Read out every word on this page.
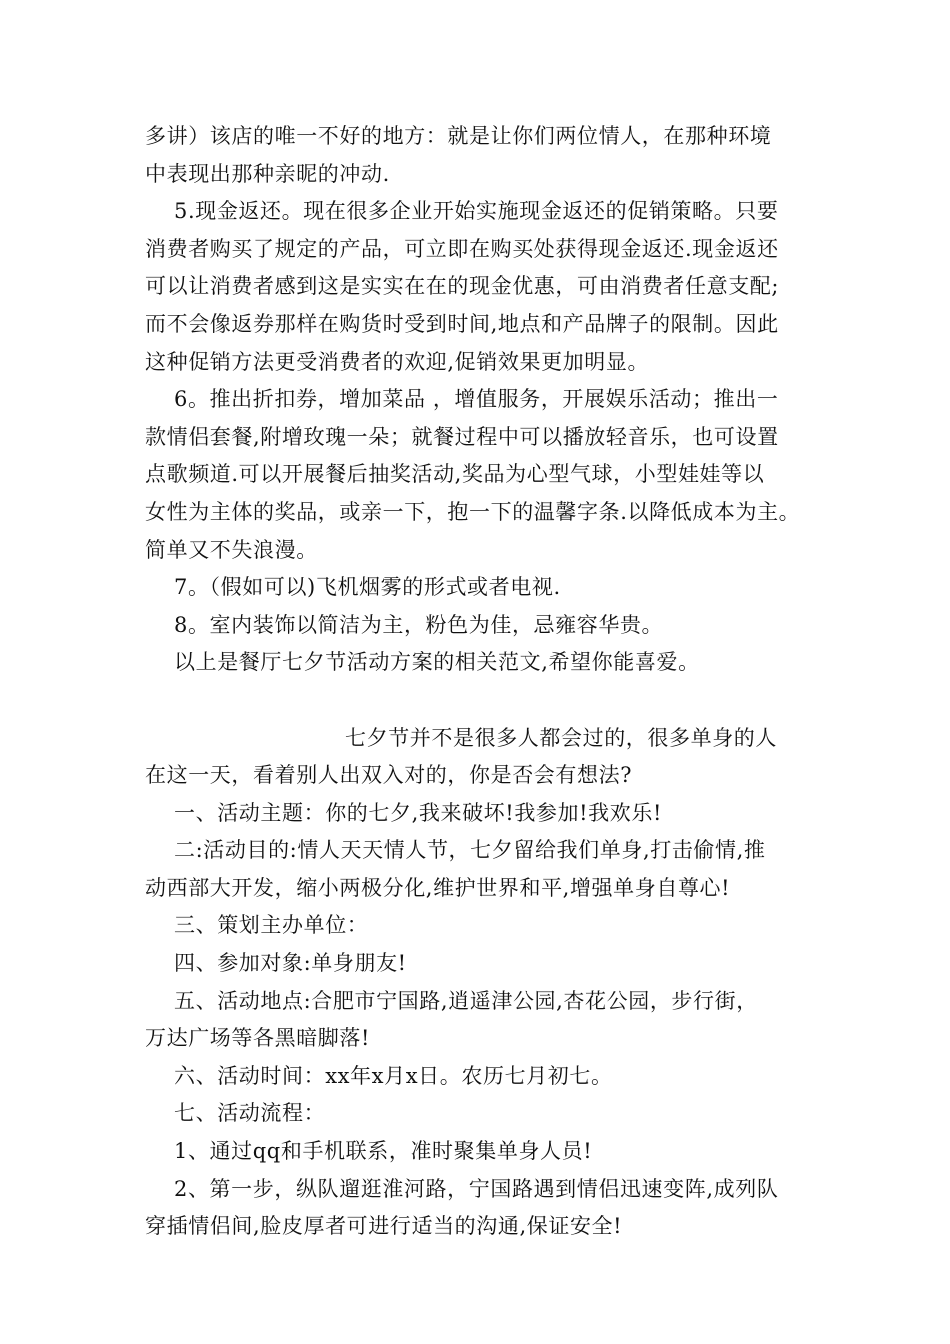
多讲）该店的唯一不好的地方：就是让你们两位情人，在那种环境
中表现出那种亲昵的冲动.
5.现金返还。现在很多企业开始实施现金返还的促销策略。只要
消费者购买了规定的产品，可立即在购买处获得现金返还.现金返还
可以让消费者感到这是实实在在的现金优惠，可由消费者任意支配;
而不会像返券那样在购货时受到时间,地点和产品牌子的限制。因此
这种促销方法更受消费者的欢迎,促销效果更加明显。
6。推出折扣券，增加菜品 ，增值服务，开展娱乐活动；推出一
款情侣套餐,附增玫瑰一朵；就餐过程中可以播放轻音乐，也可设置
点歌频道.可以开展餐后抽奖活动,奖品为心型气球，小型娃娃等以
女性为主体的奖品，或亲一下，抱一下的温馨字条.以降低成本为主。
简单又不失浪漫。
7。（假如可以)飞机烟雾的形式或者电视.
8。室内装饰以简洁为主，粉色为佳，忌雍容华贵。
以上是餐厅七夕节活动方案的相关范文,希望你能喜爱。
七夕节并不是很多人都会过的，很多单身的人
在这一天，看着别人出双入对的，你是否会有想法?
一、活动主题：你的七夕,我来破坏!我参加!我欢乐!
二:活动目的:情人天天情人节，七夕留给我们单身,打击偷情,推
动西部大开发，缩小两极分化,维护世界和平,增强单身自尊心!
三、策划主办单位：
四、参加对象:单身朋友!
五、活动地点:合肥市宁国路,逍遥津公园,杏花公园，步行街，
万达广场等各黑暗脚落!
六、活动时间：xx年x月x日。农历七月初七。
七、活动流程：
1、通过qq和手机联系，准时聚集单身人员!
2、第一步，纵队遛逛淮河路，宁国路遇到情侣迅速变阵,成列队
穿插情侣间,脸皮厚者可进行适当的沟通,保证安全!
